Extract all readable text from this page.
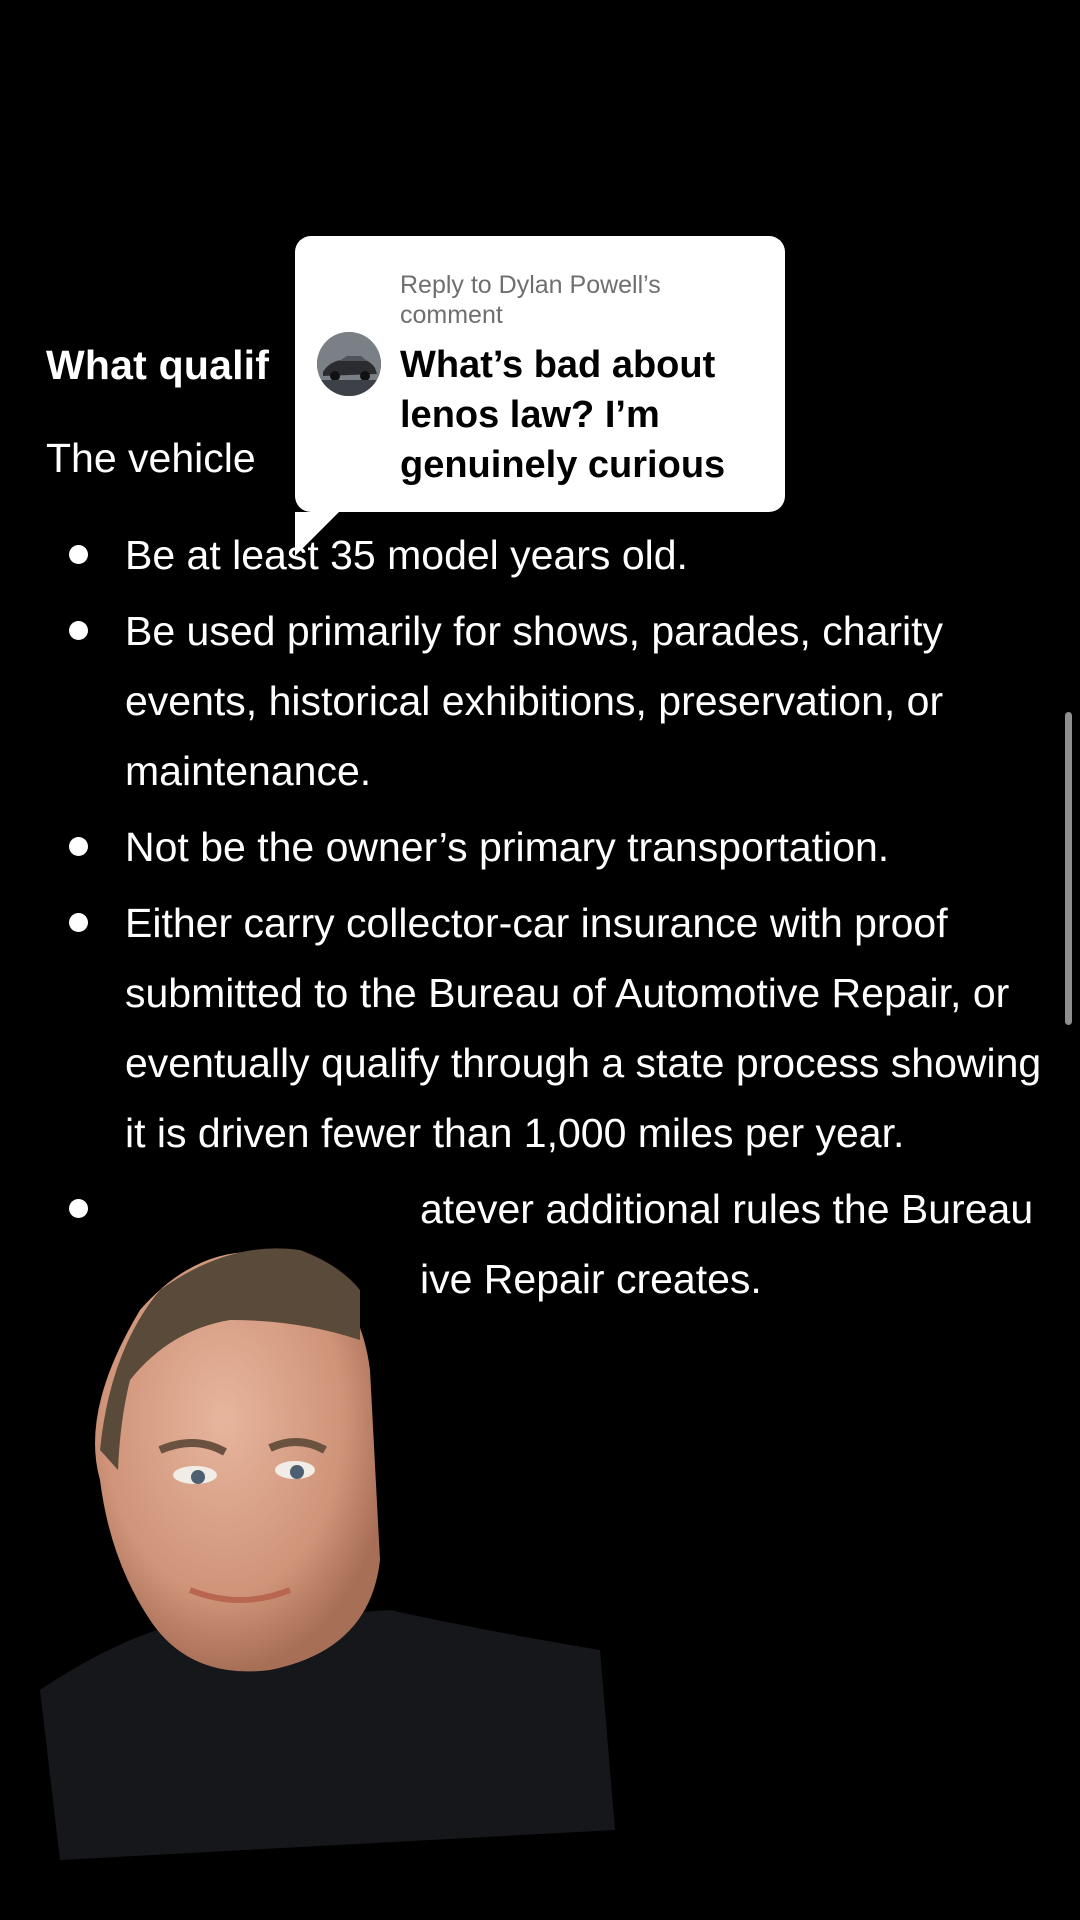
What qualif
The vehicle
Be at least 35 model years old.
Be used primarily for shows, parades, charity events, historical exhibitions, preservation, or maintenance.
Not be the owner’s primary transportation.
Either carry collector-car insurance with proof submitted to the Bureau of Automotive Repair, or eventually qualify through a state process showing it is driven fewer than 1,000 miles per year.
atever additional rules the Bureau ive Repair creates.
Reply to Dylan Powell’s comment
What’s bad about lenos law? I’m genuinely curious
